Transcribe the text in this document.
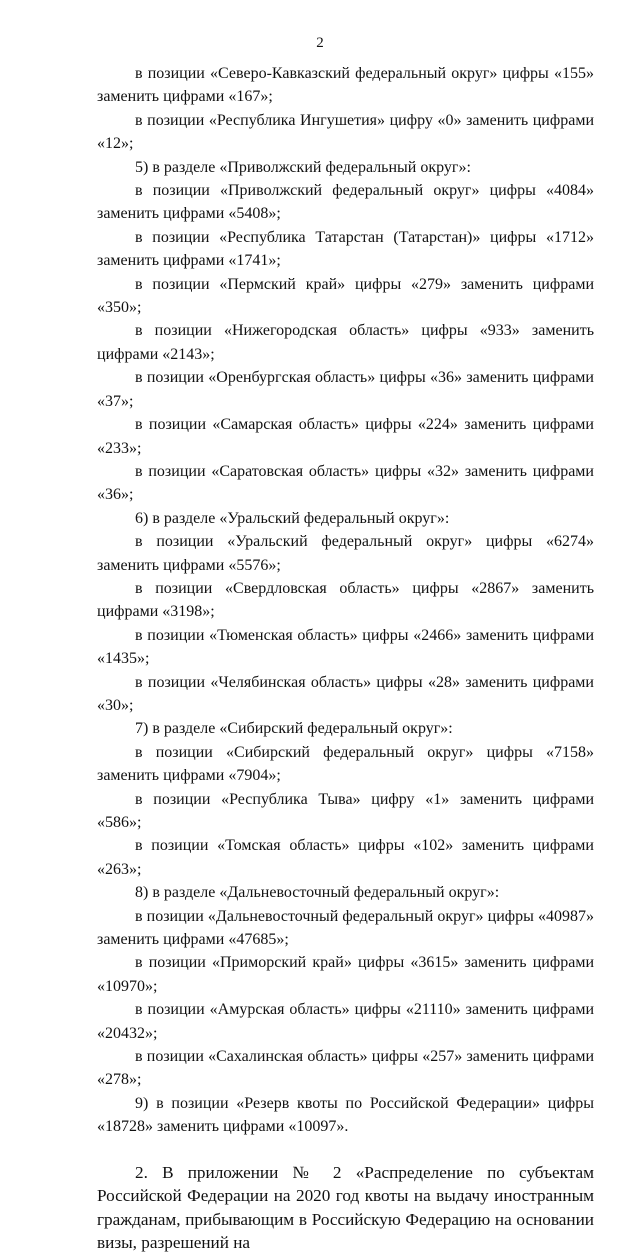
2

в позиции «Северо-Кавказский федеральный округ» цифры «155» заменить цифрами «167»;

в позиции «Республика Ингушетия» цифру «0» заменить цифрами «12»;

5) в разделе «Приволжский федеральный округ»:

в позиции «Приволжский федеральный округ» цифры «4084» заменить цифрами «5408»;

в позиции «Республика Татарстан (Татарстан)» цифры «1712» заменить цифрами «1741»;

в позиции «Пермский край» цифры «279» заменить цифрами «350»;

в позиции «Нижегородская область» цифры «933» заменить цифрами «2143»;

в позиции «Оренбургская область» цифры «36» заменить цифрами «37»;

в позиции «Самарская область» цифры «224» заменить цифрами «233»;

в позиции «Саратовская область» цифры «32» заменить цифрами «36»;

6) в разделе «Уральский федеральный округ»:

в позиции «Уральский федеральный округ» цифры «6274» заменить цифрами «5576»;

в позиции «Свердловская область» цифры «2867» заменить цифрами «3198»;

в позиции «Тюменская область» цифры «2466» заменить цифрами «1435»;

в позиции «Челябинская область» цифры «28» заменить цифрами «30»;

7) в разделе «Сибирский федеральный округ»:

в позиции «Сибирский федеральный округ» цифры «7158» заменить цифрами «7904»;

в позиции «Республика Тыва» цифру «1» заменить цифрами «586»;

в позиции «Томская область» цифры «102» заменить цифрами «263»;

8) в разделе «Дальневосточный федеральный округ»:

в позиции «Дальневосточный федеральный округ» цифры «40987» заменить цифрами «47685»;

в позиции «Приморский край» цифры «3615» заменить цифрами «10970»;

в позиции «Амурская область» цифры «21110» заменить цифрами «20432»;

в позиции «Сахалинская область» цифры «257» заменить цифрами «278»;

9) в позиции «Резерв квоты по Российской Федерации» цифры «18728» заменить цифрами «10097».

2. В приложении № 2 «Распределение по субъектам Российской Федерации на 2020 год квоты на выдачу иностранным гражданам, прибывающим в Российскую Федерацию на основании визы, разрешений на
